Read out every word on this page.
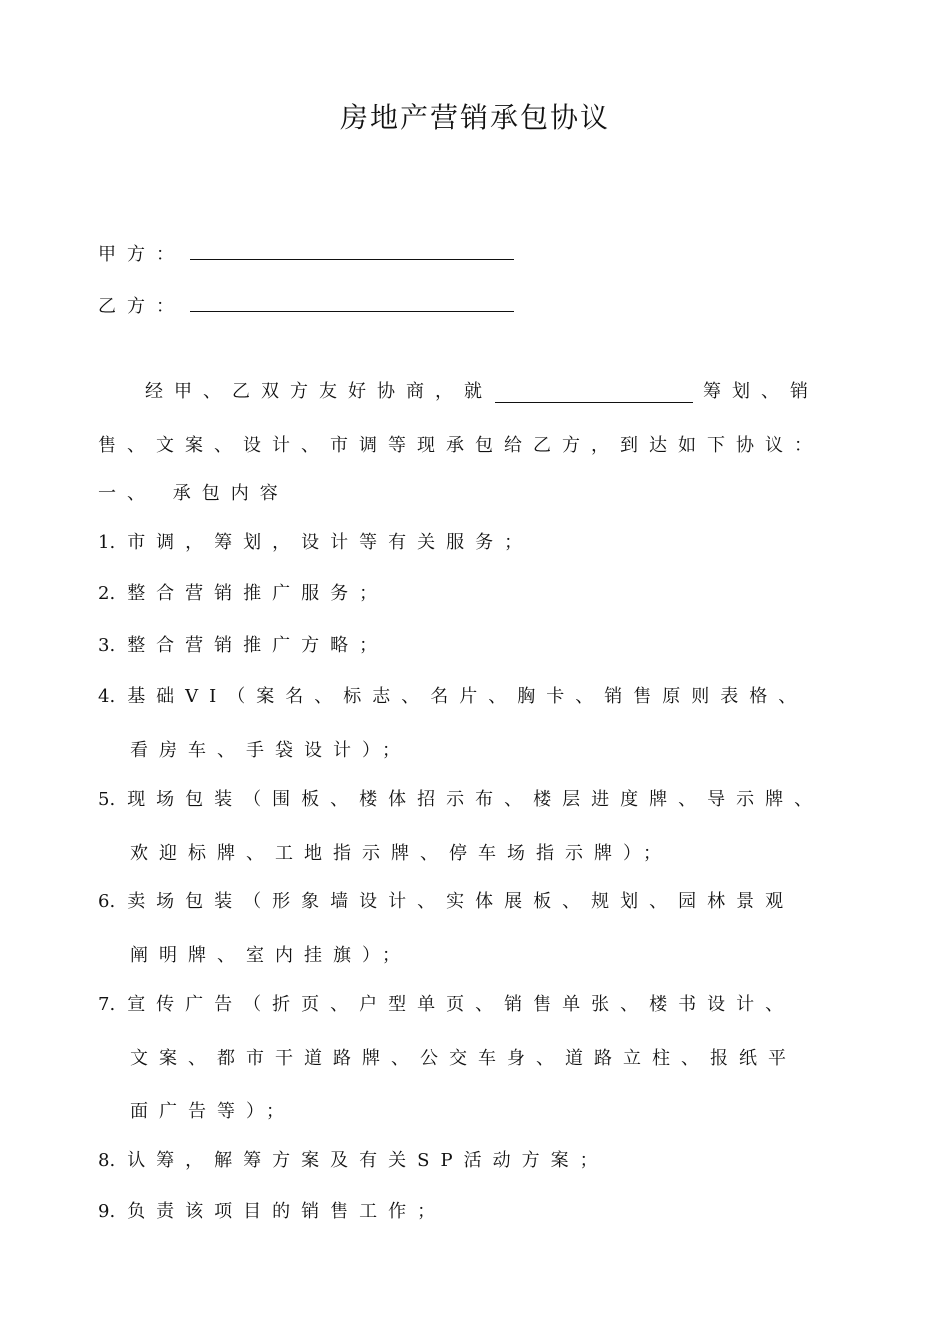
房地产营销承包协议
甲方：
乙方：
经甲、乙双方友好协商，就	筹划、销
售、文案、设计、市调等现承包给乙方，到达如下协议：
一、 承包内容
1. 市调，筹划，设计等有关服务；
2. 整合营销推广服务；
3. 整合营销推广方略；
4. 基础VI（案名、标志、名片、胸卡、销售原则表格、
看房车、手袋设计）；
5. 现场包装（围板、楼体招示布、楼层进度牌、导示牌、
欢迎标牌、工地指示牌、停车场指示牌）；
6. 卖场包装（形象墙设计、实体展板、规划、园林景观
阐明牌、室内挂旗）；
7. 宣传广告（折页、户型单页、销售单张、楼书设计、
文案、都市干道路牌、公交车身、道路立柱、报纸平
面广告等）；
8. 认筹，解筹方案及有关SP活动方案；
9. 负责该项目的销售工作；
